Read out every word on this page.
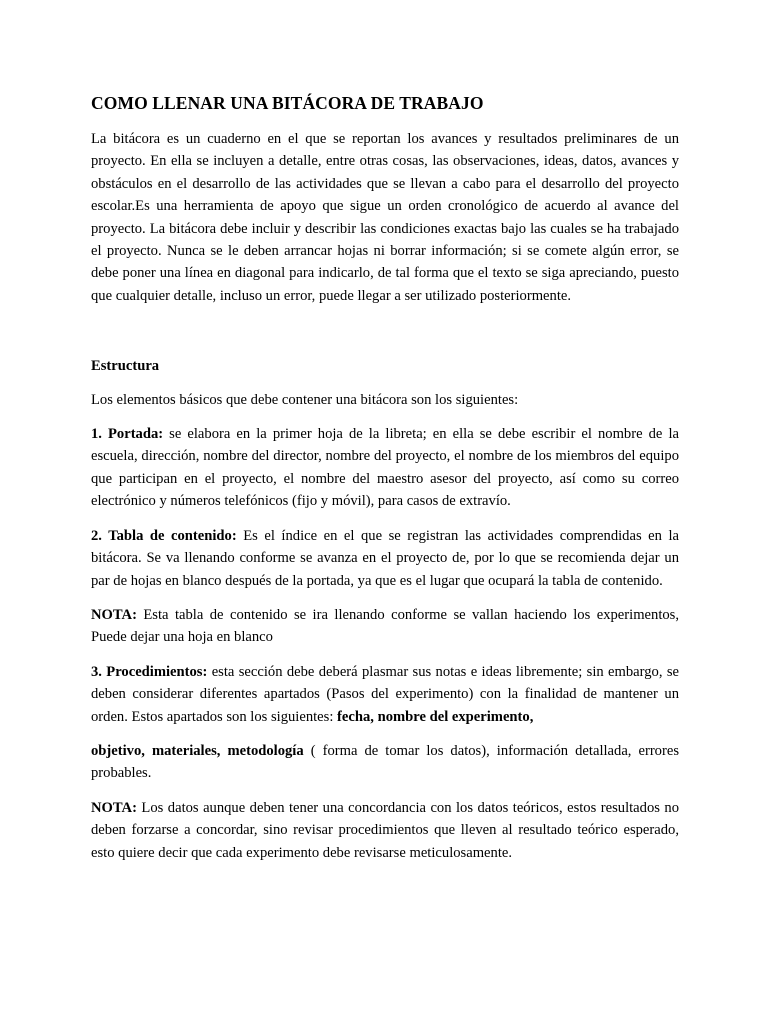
COMO LLENAR UNA BITÁCORA DE TRABAJO

La bitácora es un cuaderno en el que se reportan los avances y resultados preliminares de un proyecto. En ella se incluyen a detalle, entre otras cosas, las observaciones, ideas, datos, avances y obstáculos en el desarrollo de las actividades que se llevan a cabo para el desarrollo del proyecto escolar.Es una herramienta de apoyo que sigue un orden cronológico de acuerdo al avance del proyecto. La bitácora debe incluir y describir las condiciones exactas bajo las cuales se ha trabajado el proyecto. Nunca se le deben arrancar hojas ni borrar información; si se comete algún error, se debe poner una línea en diagonal para indicarlo, de tal forma que el texto se siga apreciando, puesto que cualquier detalle, incluso un error, puede llegar a ser utilizado posteriormente.

Estructura

Los elementos básicos que debe contener una bitácora son los siguientes:

1. Portada: se elabora en la primer hoja de la libreta; en ella se debe escribir el nombre de la escuela, dirección, nombre del director, nombre del proyecto, el nombre de los miembros del equipo que participan en el proyecto, el nombre del maestro asesor del proyecto, así como su correo electrónico y números telefónicos (fijo y móvil), para casos de extravío.

2. Tabla de contenido: Es el índice en el que se registran las actividades comprendidas en la bitácora. Se va llenando conforme se avanza en el proyecto de, por lo que se recomienda dejar un par de hojas en blanco después de la portada, ya que es el lugar que ocupará la tabla de contenido.

NOTA: Esta tabla de contenido se ira llenando conforme se vallan haciendo los experimentos, Puede dejar una hoja en blanco

3. Procedimientos: esta sección debe deberá plasmar sus notas e ideas libremente; sin embargo, se deben considerar diferentes apartados (Pasos del experimento) con la finalidad de mantener un orden. Estos apartados son los siguientes: fecha, nombre del experimento,

objetivo, materiales, metodología ( forma de tomar los datos), información detallada, errores probables.

NOTA: Los datos aunque deben tener una concordancia con los datos teóricos, estos resultados no deben forzarse a concordar, sino revisar procedimientos que lleven al resultado teórico esperado, esto quiere decir que cada experimento debe revisarse meticulosamente.
